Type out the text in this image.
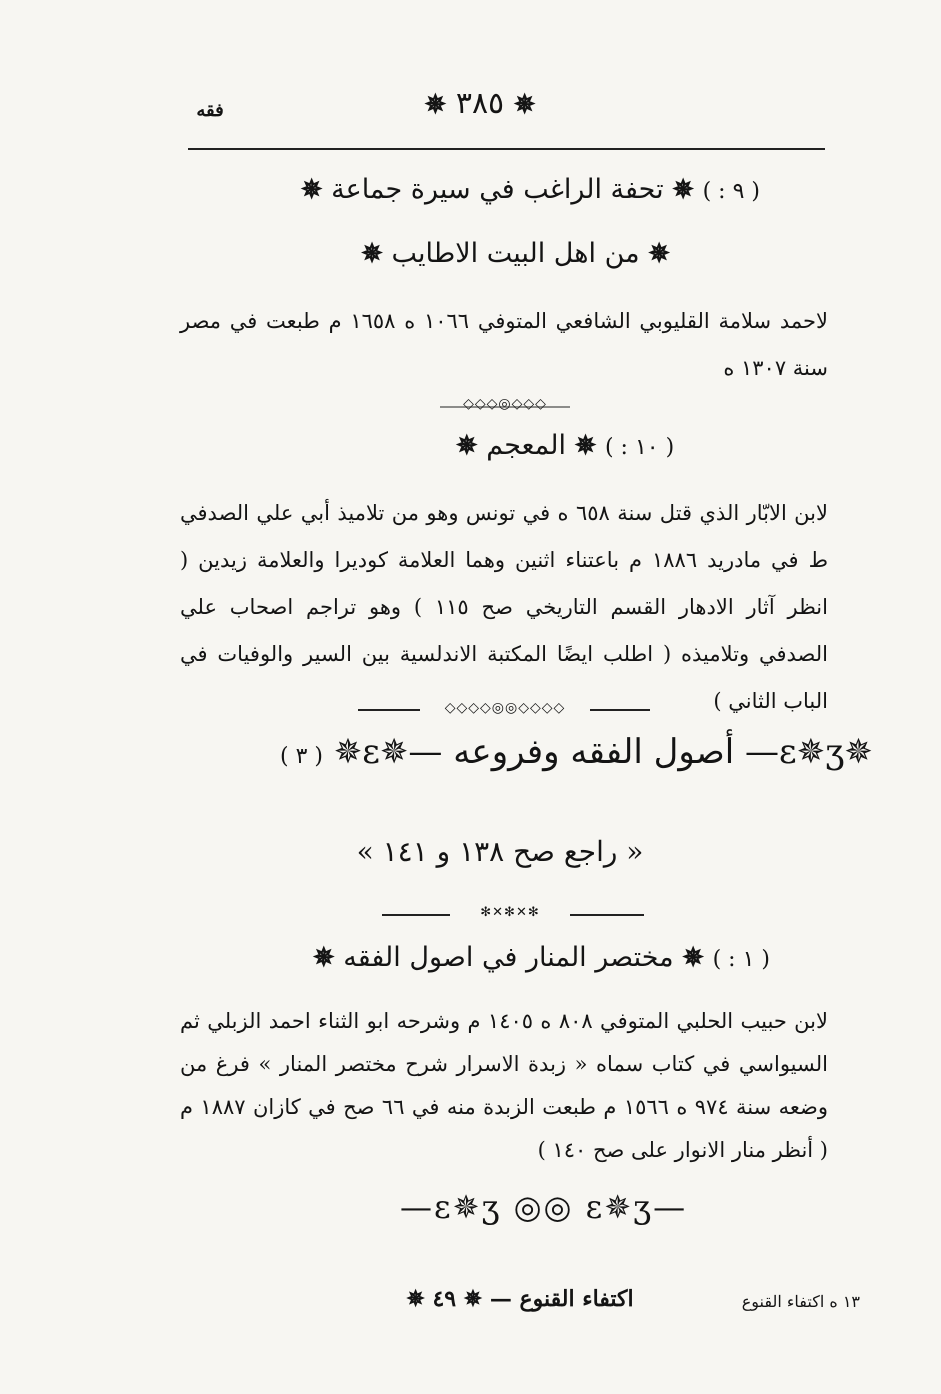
✵ ٣٨٥ ✵
فقه
( ٩ : ) ✵ تحفة الراغب في سيرة جماعة ✵
✵ من اهل البيت الاطايب ✵
لاحمد سلامة القليوبي الشافعي المتوفي ١٠٦٦ ه ١٦٥٨ م طبعت في مصر سنة ١٣٠٧ ه
◇◇◇◎◇◇◇
( ١٠ : ) ✵ المعجم ✵
لابن الابّار الذي قتل سنة ٦٥٨ ه في تونس وهو من تلاميذ أبي علي الصدفي ط في مادريد ١٨٨٦ م باعتناء اثنين وهما العلامة كوديرا والعلامة زيدين ( انظر آثار الادهار القسم التاريخي صح ١١٥ ) وهو تراجم اصحاب علي الصدفي وتلاميذه ( اطلب ايضًا المكتبة الاندلسية بين السير والوفيات في الباب الثاني )
◇◇◇◇◎◎◇◇◇◇
( ٣ ) ✵ɛ✵— أصول الفقه وفروعه —ɛ✵ʒ✵
« راجع صح ١٣٨ و ١٤١ »
✻✕✻✕✻
( ١ : ) ✵ مختصر المنار في اصول الفقه ✵
لابن حبيب الحلبي المتوفي ٨٠٨ ه ١٤٠٥ م وشرحه ابو الثناء احمد الزبلي ثم السيواسي في كتاب سماه « زبدة الاسرار شرح مختصر المنار » فرغ من وضعه سنة ٩٧٤ ه ١٥٦٦ م طبعت الزبدة منه في ٦٦ صح في كازان ١٨٨٧ م ( أنظر منار الانوار على صح ١٤٠ )
—ɛ✵ʒ ◎◎ ɛ✵ʒ—
اكتفاء القنوع — ✵ ٤٩ ✵	١٣ ه اكتفاء القنوع
